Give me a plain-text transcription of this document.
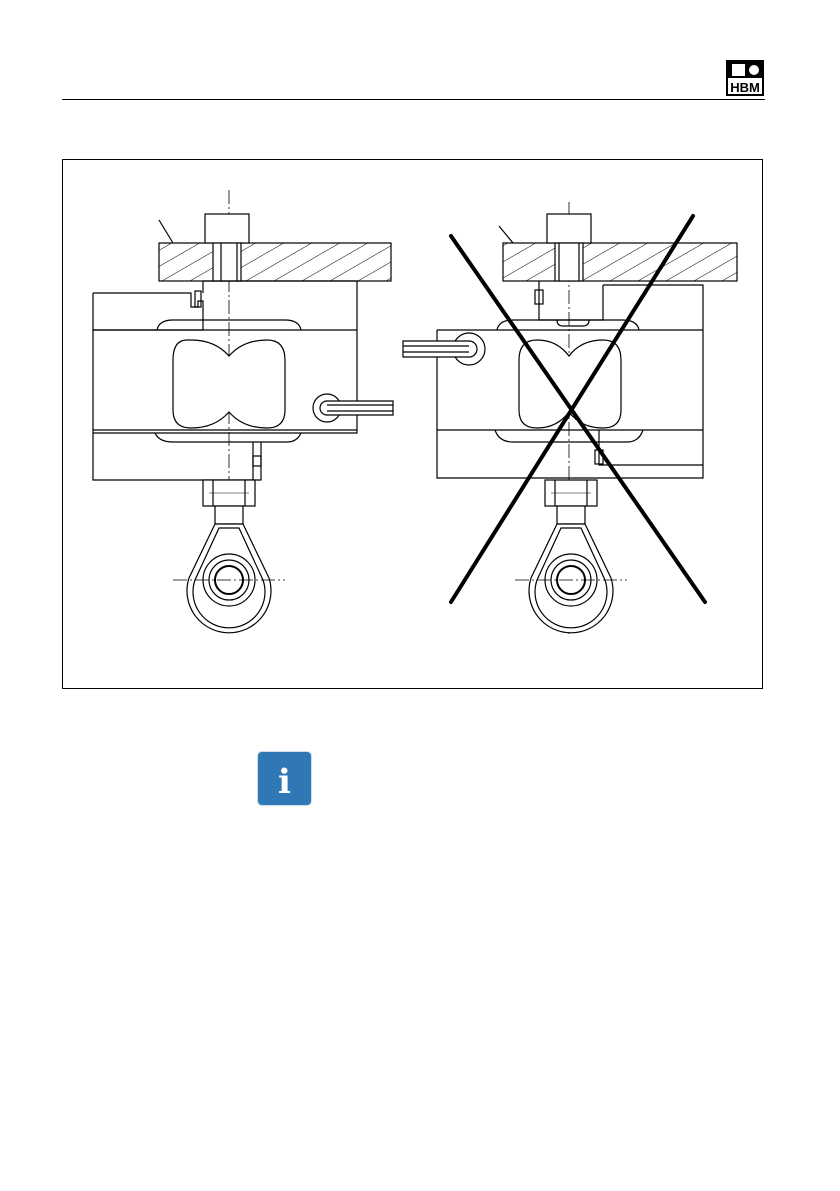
HBM
i
